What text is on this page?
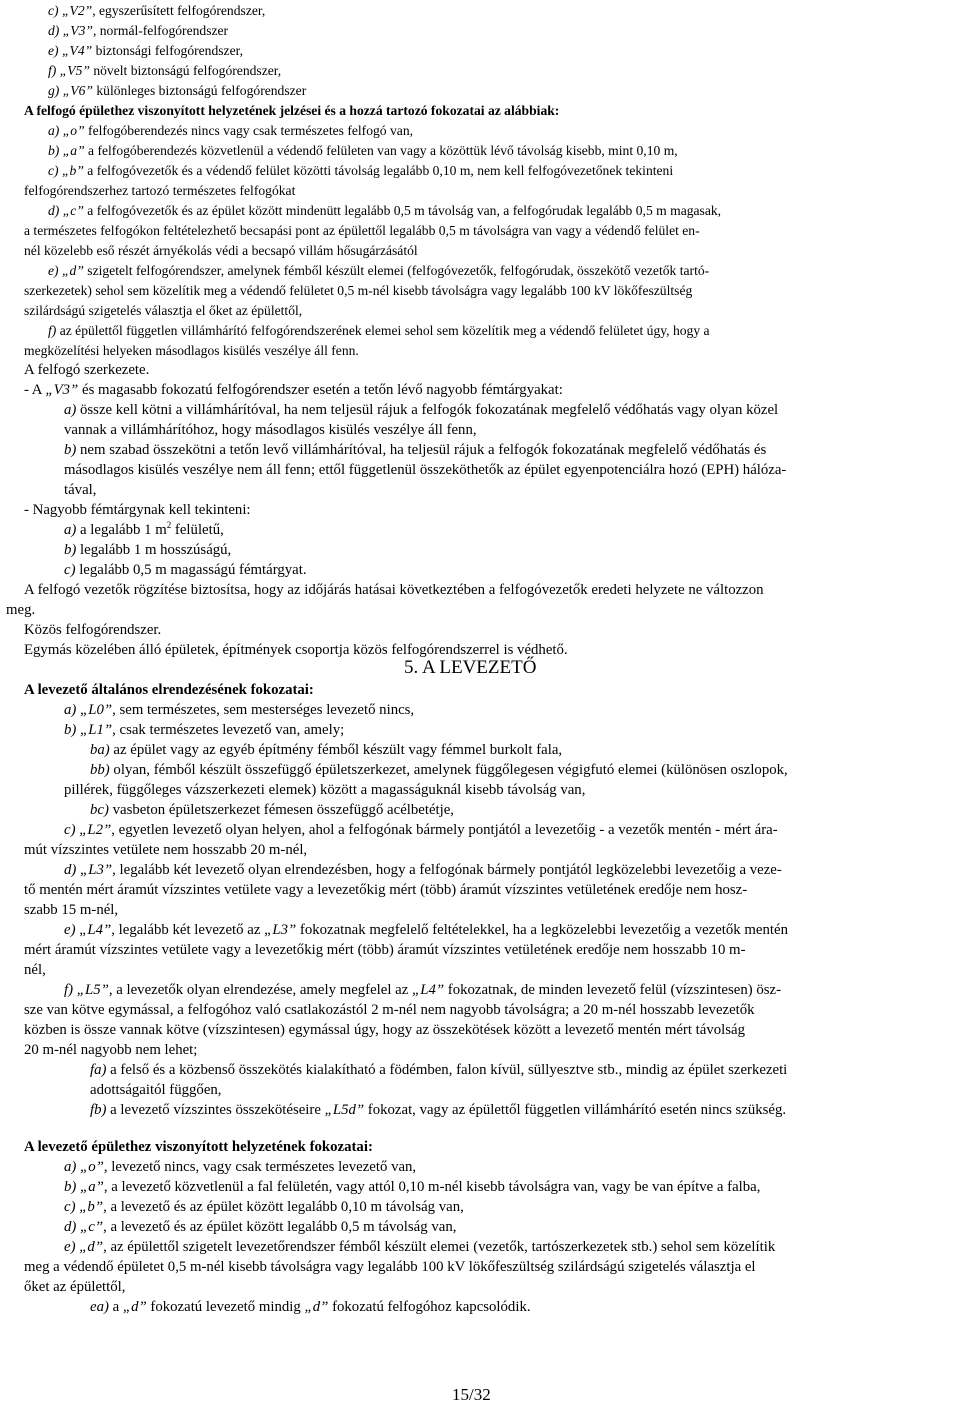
c) „V2”, egyszerűsített felfogórendszer,
d) „V3”, normál-felfogórendszer
e) „V4” biztonsági felfogórendszer,
f) „V5” növelt biztonságú felfogórendszer,
g) „V6” különleges biztonságú felfogórendszer
A felfogó épülethez viszonyított helyzetének jelzései és a hozzá tartozó fokozatai az alábbiak:
a) „o” felfogóberendezés nincs vagy csak természetes felfogó van,
b) „a” a felfogóberendezés közvetlenül a védendő felületen van vagy a közöttük lévő távolság kisebb, mint 0,10 m,
c) „b” a felfogóvezetők és a védendő felület közötti távolság legalább 0,10 m, nem kell felfogóvezetőnek tekinteni
felfogórendszerhez tartozó természetes felfogókat
d) „c” a felfogóvezetők és az épület között mindenütt legalább 0,5 m távolság van, a felfogórudak legalább 0,5 m magasak,
a természetes felfogókon feltételezhető becsapási pont az épülettől legalább 0,5 m távolságra van vagy a védendő felület en-
nél közelebb eső részét árnyékolás védi a becsapó villám hősugárzásától
e) „d” szigetelt felfogórendszer, amelynek fémből készült elemei (felfogóvezetők, felfogórudak, összekötő vezetők tartó-
szerkezetek) sehol sem közelítik meg a védendő felületet 0,5 m-nél kisebb távolságra vagy legalább 100 kV lökőfeszültség
szilárdságú szigetelés választja el őket az épülettől,
f) az épülettől független villámhárító felfogórendszerének elemei sehol sem közelítik meg a védendő felületet úgy, hogy a
megközelítési helyeken másodlagos kisülés veszélye áll fenn.
A felfogó szerkezete.
- A „V3” és magasabb fokozatú felfogórendszer esetén a tetőn lévő nagyobb fémtárgyakat:
a) össze kell kötni a villámhárítóval, ha nem teljesül rájuk a felfogók fokozatának megfelelő védőhatás vagy olyan közel
vannak a villámhárítóhoz, hogy másodlagos kisülés veszélye áll fenn,
b) nem szabad összekötni a tetőn levő villámhárítóval, ha teljesül rájuk a felfogók fokozatának megfelelő védőhatás és
másodlagos kisülés veszélye nem áll fenn; ettől függetlenül összeköthetők az épület egyenpotenciálra hozó (EPH) hálóza-
tával,
- Nagyobb fémtárgynak kell tekinteni:
a) a legalább 1 $m^2$ felületű,
b) legalább 1 m hosszúságú,
c) legalább 0,5 m magasságú fémtárgyat.
A felfogó vezetők rögzítése biztosítsa, hogy az időjárás hatásai következtében a felfogóvezetők eredeti helyzete ne változzon
meg.
Közös felfogórendszer.
Egymás közelében álló épületek, építmények csoportja közös felfogórendszerrel is védhető.
5. A LEVEZETŐ
A levezető általános elrendezésének fokozatai:
a) „L0”, sem természetes, sem mesterséges levezető nincs,
b) „L1”, csak természetes levezető van, amely;
ba) az épület vagy az egyéb építmény fémből készült vagy fémmel burkolt fala,
bb) olyan, fémből készült összefüggő épületszerkezet, amelynek függőlegesen végigfutó elemei (különösen oszlopok,
pillérek, függőleges vázszerkezeti elemek) között a magasságuknál kisebb távolság van,
bc) vasbeton épületszerkezet fémesen összefüggő acélbetétje,
c) „L2”, egyetlen levezető olyan helyen, ahol a felfogónak bármely pontjától a levezetőig - a vezetők mentén - mért ára-
mút vízszintes vetülete nem hosszabb 20 m-nél,
d) „L3”, legalább két levezető olyan elrendezésben, hogy a felfogónak bármely pontjától legközelebbi levezetőig a veze-
tő mentén mért áramút vízszintes vetülete vagy a levezetőkig mért (több) áramút vízszintes vetületének eredője nem hosz-
szabb 15 m-nél,
e) „L4”, legalább két levezető az „L3” fokozatnak megfelelő feltételekkel, ha a legközelebbi levezetőig a vezetők mentén
mért áramút vízszintes vetülete vagy a levezetőkig mért (több) áramút vízszintes vetületének eredője nem hosszabb 10 m-
nél,
f) „L5”, a levezetők olyan elrendezése, amely megfelel az „L4” fokozatnak, de minden levezető felül (vízszintesen) ösz-
sze van kötve egymással, a felfogóhoz való csatlakozástól 2 m-nél nem nagyobb távolságra; a 20 m-nél hosszabb levezetők
közben is össze vannak kötve (vízszintesen) egymással úgy, hogy az összekötések között a levezető mentén mért távolság
20 m-nél nagyobb nem lehet;
fa) a felső és a közbenső összekötés kialakítható a födémben, falon kívül, süllyesztve stb., mindig az épület szerkezeti
adottságaitól függően,
fb) a levezető vízszintes összekötéseire „L5d” fokozat, vagy az épülettől független villámhárító esetén nincs szükség.
A levezető épülethez viszonyított helyzetének fokozatai:
a) „o”, levezető nincs, vagy csak természetes levezető van,
b) „a”, a levezető közvetlenül a fal felületén, vagy attól 0,10 m-nél kisebb távolságra van, vagy be van építve a falba,
c) „b”, a levezető és az épület között legalább 0,10 m távolság van,
d) „c”, a levezető és az épület között legalább 0,5 m távolság van,
e) „d”, az épülettől szigetelt levezetőrendszer fémből készült elemei (vezetők, tartószerkezetek stb.) sehol sem közelítik
meg a védendő épületet 0,5 m-nél kisebb távolságra vagy legalább 100 kV lökőfeszültség szilárdságú szigetelés választja el
őket az épülettől,
ea) a „d” fokozatú levezető mindig „d” fokozatú felfogóhoz kapcsolódik.
15/32
